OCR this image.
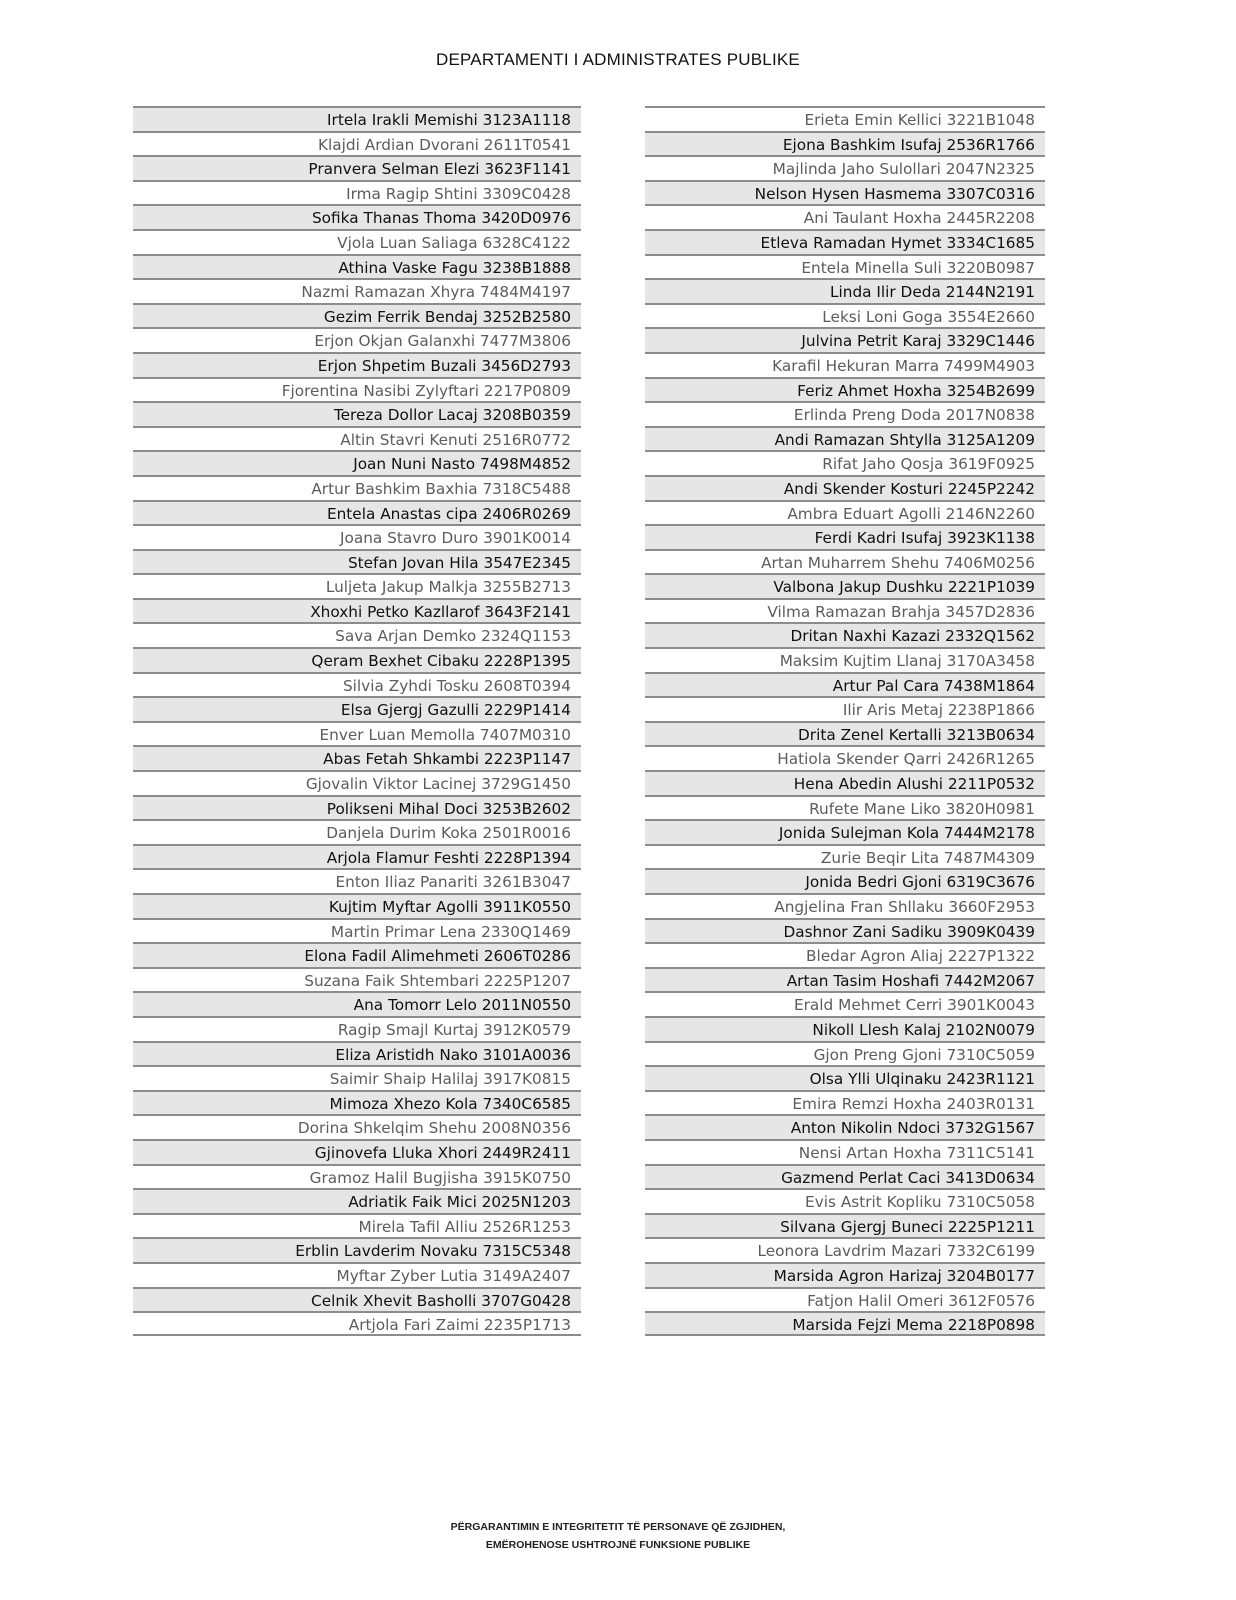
DEPARTAMENTI I ADMINISTRATES PUBLIKE
Irtela Irakli Memishi 3123A1118
Klajdi Ardian Dvorani 2611T0541
Pranvera Selman Elezi 3623F1141
Irma Ragip Shtini 3309C0428
Sofika Thanas Thoma 3420D0976
Vjola Luan Saliaga 6328C4122
Athina Vaske Fagu 3238B1888
Nazmi Ramazan Xhyra 7484M4197
Gezim Ferrik Bendaj 3252B2580
Erjon Okjan Galanxhi 7477M3806
Erjon Shpetim Buzali 3456D2793
Fjorentina Nasibi Zylyftari 2217P0809
Tereza Dollor Lacaj 3208B0359
Altin Stavri Kenuti 2516R0772
Joan Nuni Nasto 7498M4852
Artur Bashkim Baxhia 7318C5488
Entela Anastas cipa 2406R0269
Joana Stavro Duro 3901K0014
Stefan Jovan Hila 3547E2345
Luljeta Jakup Malkja 3255B2713
Xhoxhi Petko Kazllarof 3643F2141
Sava Arjan Demko 2324Q1153
Qeram Bexhet Cibaku 2228P1395
Silvia Zyhdi Tosku 2608T0394
Elsa Gjergj Gazulli 2229P1414
Enver Luan Memolla 7407M0310
Abas Fetah Shkambi 2223P1147
Gjovalin Viktor Lacinej 3729G1450
Polikseni Mihal Doci 3253B2602
Danjela Durim Koka 2501R0016
Arjola Flamur Feshti 2228P1394
Enton Iliaz Panariti 3261B3047
Kujtim Myftar Agolli 3911K0550
Martin Primar Lena 2330Q1469
Elona Fadil Alimehmeti 2606T0286
Suzana Faik Shtembari 2225P1207
Ana Tomorr Lelo 2011N0550
Ragip Smajl Kurtaj 3912K0579
Eliza Aristidh Nako 3101A0036
Saimir Shaip Halilaj 3917K0815
Mimoza Xhezo Kola 7340C6585
Dorina Shkelqim Shehu 2008N0356
Gjinovefa Lluka Xhori 2449R2411
Gramoz Halil Bugjisha 3915K0750
Adriatik Faik Mici 2025N1203
Mirela Tafil Alliu 2526R1253
Erblin Lavderim Novaku 7315C5348
Myftar Zyber Lutia 3149A2407
Celnik Xhevit Basholli 3707G0428
Artjola Fari Zaimi 2235P1713
Erieta Emin Kellici 3221B1048
Ejona Bashkim Isufaj 2536R1766
Majlinda Jaho Sulollari 2047N2325
Nelson Hysen Hasmema 3307C0316
Ani Taulant Hoxha 2445R2208
Etleva Ramadan Hymet 3334C1685
Entela Minella Suli 3220B0987
Linda Ilir Deda 2144N2191
Leksi Loni Goga 3554E2660
Julvina Petrit Karaj 3329C1446
Karafil Hekuran Marra 7499M4903
Feriz Ahmet Hoxha 3254B2699
Erlinda Preng Doda 2017N0838
Andi Ramazan Shtylla 3125A1209
Rifat Jaho Qosja 3619F0925
Andi Skender Kosturi 2245P2242
Ambra Eduart Agolli 2146N2260
Ferdi Kadri Isufaj 3923K1138
Artan Muharrem Shehu 7406M0256
Valbona Jakup Dushku 2221P1039
Vilma Ramazan Brahja 3457D2836
Dritan Naxhi Kazazi 2332Q1562
Maksim Kujtim Llanaj 3170A3458
Artur Pal Cara 7438M1864
Ilir Aris Metaj 2238P1866
Drita Zenel Kertalli 3213B0634
Hatiola Skender Qarri 2426R1265
Hena Abedin Alushi 2211P0532
Rufete Mane Liko 3820H0981
Jonida Sulejman Kola 7444M2178
Zurie Beqir Lita 7487M4309
Jonida Bedri Gjoni 6319C3676
Angjelina Fran Shllaku 3660F2953
Dashnor Zani Sadiku 3909K0439
Bledar Agron Aliaj 2227P1322
Artan Tasim Hoshafi 7442M2067
Erald Mehmet Cerri 3901K0043
Nikoll Llesh Kalaj 2102N0079
Gjon Preng Gjoni 7310C5059
Olsa Ylli Ulqinaku 2423R1121
Emira Remzi Hoxha 2403R0131
Anton Nikolin Ndoci 3732G1567
Nensi Artan Hoxha 7311C5141
Gazmend Perlat Caci 3413D0634
Evis Astrit Kopliku 7310C5058
Silvana Gjergj Buneci 2225P1211
Leonora Lavdrim Mazari 7332C6199
Marsida Agron Harizaj 3204B0177
Fatjon Halil Omeri 3612F0576
Marsida Fejzi Mema 2218P0898
PËRGARANTIMIN E INTEGRITETIT TË PERSONAVE QË ZGJIDHEN,
EMËROHENOSE USHTROJNË FUNKSIONE PUBLIKE
